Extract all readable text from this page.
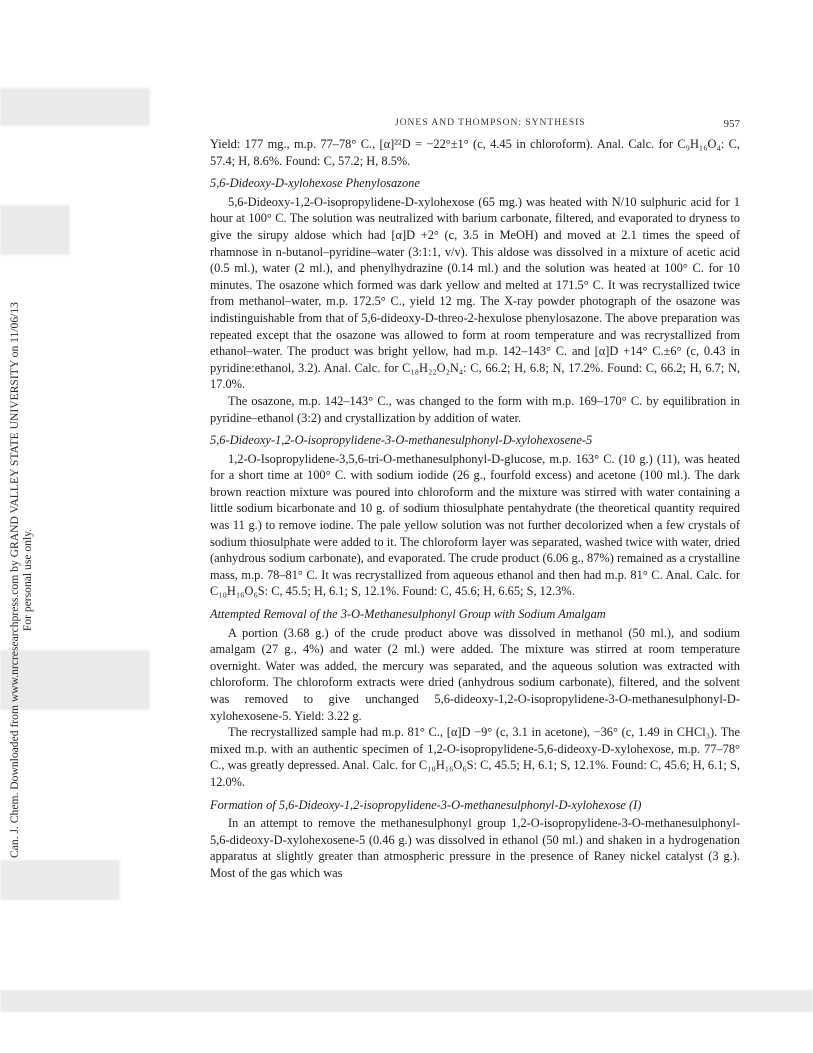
Can. J. Chem. Downloaded from www.nrcresearchpress.com by GRAND VALLEY STATE UNIVERSITY on 11/06/13 For personal use only.
JONES AND THOMPSON: SYNTHESIS	957

Yield: 177 mg., m.p. 77–78° C., [α]²²D = −22°±1° (c, 4.45 in chloroform). Anal. Calc. for C₉H₁₆O₄: C, 57.4; H, 8.6%. Found: C, 57.2; H, 8.5%.

5,6-Dideoxy-D-xylohexose Phenylosazone

5,6-Dideoxy-1,2-O-isopropylidene-D-xylohexose (65 mg.) was heated with N/10 sulphuric acid for 1 hour at 100° C. The solution was neutralized with barium carbonate, filtered, and evaporated to dryness to give the sirupy aldose which had [α]D +2° (c, 3.5 in MeOH) and moved at 2.1 times the speed of rhamnose in n-butanol–pyridine–water (3:1:1, v/v). This aldose was dissolved in a mixture of acetic acid (0.5 ml.), water (2 ml.), and phenylhydrazine (0.14 ml.) and the solution was heated at 100° C. for 10 minutes. The osazone which formed was dark yellow and melted at 171.5° C. It was recrystallized twice from methanol–water, m.p. 172.5° C., yield 12 mg. The X-ray powder photograph of the osazone was indistinguishable from that of 5,6-dideoxy-D-threo-2-hexulose phenylosazone. The above preparation was repeated except that the osazone was allowed to form at room temperature and was recrystallized from ethanol–water. The product was bright yellow, had m.p. 142–143° C. and [α]D +14° C.±6° (c, 0.43 in pyridine:ethanol, 3.2). Anal. Calc. for C₁₈H₂₂O₂N₄: C, 66.2; H, 6.8; N, 17.2%. Found: C, 66.2; H, 6.7; N, 17.0%.

The osazone, m.p. 142–143° C., was changed to the form with m.p. 169–170° C. by equilibration in pyridine–ethanol (3:2) and crystallization by addition of water.

5,6-Dideoxy-1,2-O-isopropylidene-3-O-methanesulphonyl-D-xylohexosene-5

1,2-O-Isopropylidene-3,5,6-tri-O-methanesulphonyl-D-glucose, m.p. 163° C. (10 g.) (11), was heated for a short time at 100° C. with sodium iodide (26 g., fourfold excess) and acetone (100 ml.). The dark brown reaction mixture was poured into chloroform and the mixture was stirred with water containing a little sodium bicarbonate and 10 g. of sodium thiosulphate pentahydrate (the theoretical quantity required was 11 g.) to remove iodine. The pale yellow solution was not further decolorized when a few crystals of sodium thiosulphate were added to it. The chloroform layer was separated, washed twice with water, dried (anhydrous sodium carbonate), and evaporated. The crude product (6.06 g., 87%) remained as a crystalline mass, m.p. 78–81° C. It was recrystallized from aqueous ethanol and then had m.p. 81° C. Anal. Calc. for C₁₀H₁₆O₆S: C, 45.5; H, 6.1; S, 12.1%. Found: C, 45.6; H, 6.65; S, 12.3%.

Attempted Removal of the 3-O-Methanesulphonyl Group with Sodium Amalgam

A portion (3.68 g.) of the crude product above was dissolved in methanol (50 ml.), and sodium amalgam (27 g., 4%) and water (2 ml.) were added. The mixture was stirred at room temperature overnight. Water was added, the mercury was separated, and the aqueous solution was extracted with chloroform. The chloroform extracts were dried (anhydrous sodium carbonate), filtered, and the solvent was removed to give unchanged 5,6-dideoxy-1,2-O-isopropylidene-3-O-methanesulphonyl-D-xylohexosene-5. Yield: 3.22 g.

The recrystallized sample had m.p. 81° C., [α]D −9° (c, 3.1 in acetone), −36° (c, 1.49 in CHCl₃). The mixed m.p. with an authentic specimen of 1,2-O-isopropylidene-5,6-dideoxy-D-xylohexose, m.p. 77–78° C., was greatly depressed. Anal. Calc. for C₁₀H₁₆O₆S: C, 45.5; H, 6.1; S, 12.1%. Found: C, 45.6; H, 6.1; S, 12.0%.

Formation of 5,6-Dideoxy-1,2-isopropylidene-3-O-methanesulphonyl-D-xylohexose (I)

In an attempt to remove the methanesulphonyl group 1,2-O-isopropylidene-3-O-methanesulphonyl-5,6-dideoxy-D-xylohexosene-5 (0.46 g.) was dissolved in ethanol (50 ml.) and shaken in a hydrogenation apparatus at slightly greater than atmospheric pressure in the presence of Raney nickel catalyst (3 g.). Most of the gas which was
